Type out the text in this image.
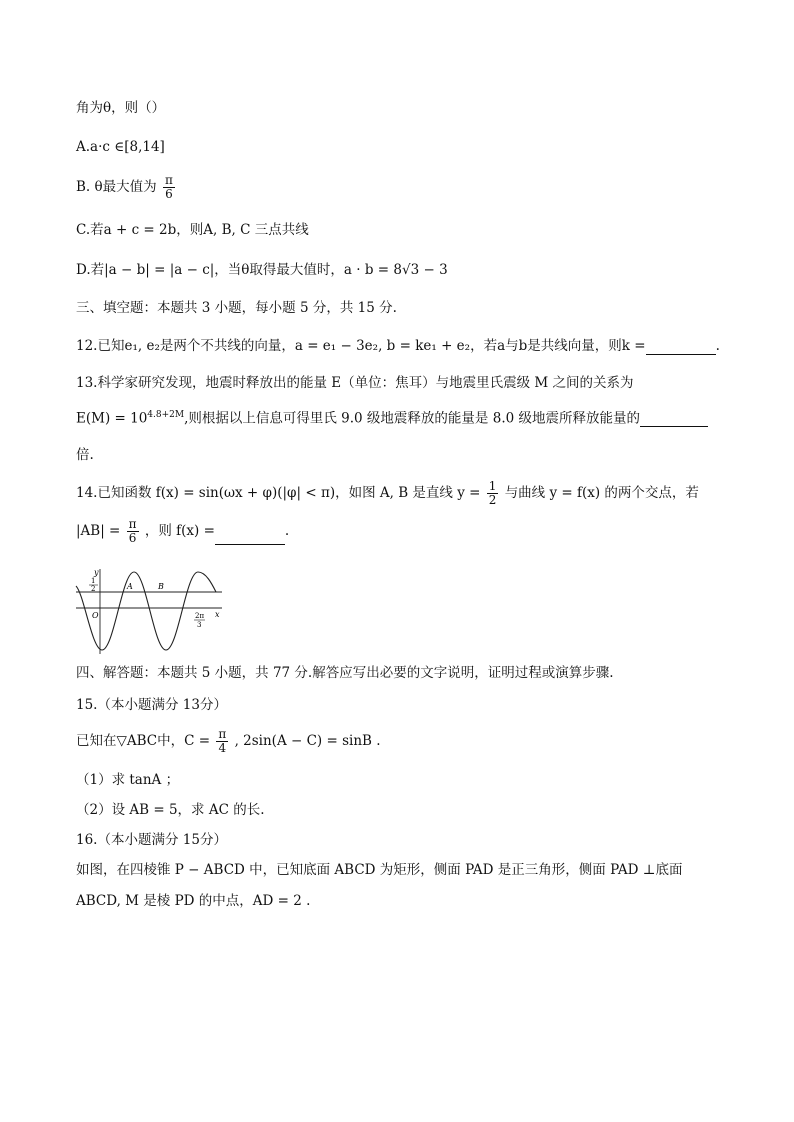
角为θ，则（）
A.a·c ∈[8,14]
B. θ最大值为 $\frac{\pi}{6}$
C.若a + c = 2b，则A, B, C 三点共线
D.若|a − b| = |a − c|，当θ取得最大值时，a · b = 8√3 − 3
三、填空题：本题共 3 小题，每小题 5 分，共 15 分.
12.已知e₁, e₂是两个不共线的向量，a = e₁ − 3e₂, b = ke₁ + e₂，若a与b是共线向量，则k =	.
13.科学家研究发现，地震时释放出的能量 E（单位：焦耳）与地震里氏震级 M 之间的关系为
$E(M) = 10^{4.8+2M}$,则根据以上信息可得里氏 9.0 级地震释放的能量是 8.0 级地震所释放能量的
倍.
14.已知函数 f(x) = sin(ωx + φ)(|φ| < π)，如图 A, B 是直线 $y = \frac{1}{2}$ 与曲线 y = f(x) 的两个交点，若
$|AB| = \frac{\pi}{6}$ ，则 f(x) =	.
y
x
O
1
2	A	B
2π
3
四、解答题：本题共 5 小题，共 77 分.解答应写出必要的文字说明，证明过程或演算步骤.
15.（本小题满分 13分）
已知在▽ABC中，$C = \frac{\pi}{4}$ , 2sin(A − C) = sinB .
（1）求 tanA ；
（2）设 AB = 5，求 AC 的长.
16.（本小题满分 15分）
如图，在四棱锥 P − ABCD 中，已知底面 ABCD 为矩形，侧面 PAD 是正三角形，侧面 PAD ⊥底面
ABCD, M 是棱 PD 的中点，AD = 2 .
